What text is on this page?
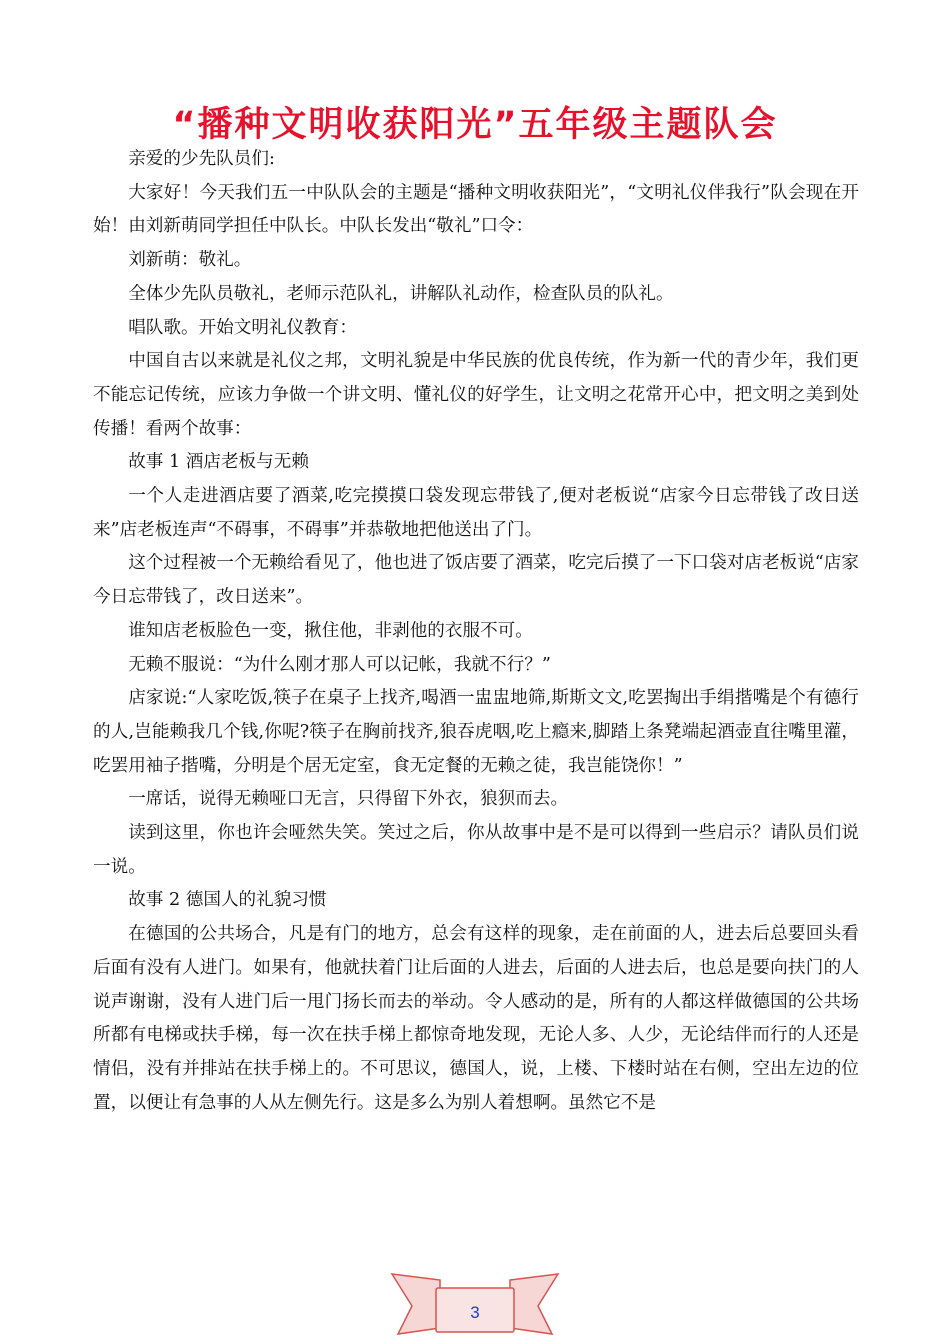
“播种文明收获阳光”五年级主题队会

亲爱的少先队员们:

大家好！今天我们五一中队队会的主题是“播种文明收获阳光”，“文明礼仪伴我行”队会现在开始！由刘新萌同学担任中队长。中队长发出“敬礼”口令：

刘新萌：敬礼。

全体少先队员敬礼，老师示范队礼，讲解队礼动作，检查队员的队礼。

唱队歌。开始文明礼仪教育：

中国自古以来就是礼仪之邦，文明礼貌是中华民族的优良传统，作为新一代的青少年，我们更不能忘记传统，应该力争做一个讲文明、懂礼仪的好学生，让文明之花常开心中，把文明之美到处传播！看两个故事：

故事 1 酒店老板与无赖

一个人走进酒店要了酒菜,吃完摸摸口袋发现忘带钱了,便对老板说“店家今日忘带钱了改日送来”店老板连声“不碍事，不碍事”并恭敬地把他送出了门。

这个过程被一个无赖给看见了，他也进了饭店要了酒菜，吃完后摸了一下口袋对店老板说“店家今日忘带钱了，改日送来”。

谁知店老板脸色一变，揪住他，非剥他的衣服不可。

无赖不服说：“为什么刚才那人可以记帐，我就不行？”

店家说:“人家吃饭,筷子在桌子上找齐,喝酒一盅盅地筛,斯斯文文,吃罢掏出手绢揩嘴是个有德行的人,岂能赖我几个钱,你呢?筷子在胸前找齐,狼吞虎咽,吃上瘾来,脚踏上条凳端起酒壶直往嘴里灌，吃罢用袖子揩嘴，分明是个居无定室，食无定餐的无赖之徒，我岂能饶你！”

一席话，说得无赖哑口无言，只得留下外衣，狼狈而去。

读到这里，你也许会哑然失笑。笑过之后，你从故事中是不是可以得到一些启示？请队员们说一说。

故事 2 德国人的礼貌习惯

在德国的公共场合，凡是有门的地方，总会有这样的现象，走在前面的人，进去后总要回头看后面有没有人进门。如果有，他就扶着门让后面的人进去，后面的人进去后，也总是要向扶门的人说声谢谢，没有人进门后一甩门扬长而去的举动。令人感动的是，所有的人都这样做德国的公共场所都有电梯或扶手梯，每一次在扶手梯上都惊奇地发现，无论人多、人少，无论结伴而行的人还是情侣，没有并排站在扶手梯上的。不可思议，德国人，说，上楼、下楼时站在右侧，空出左边的位置，以便让有急事的人从左侧先行。这是多么为别人着想啊。虽然它不是

3
